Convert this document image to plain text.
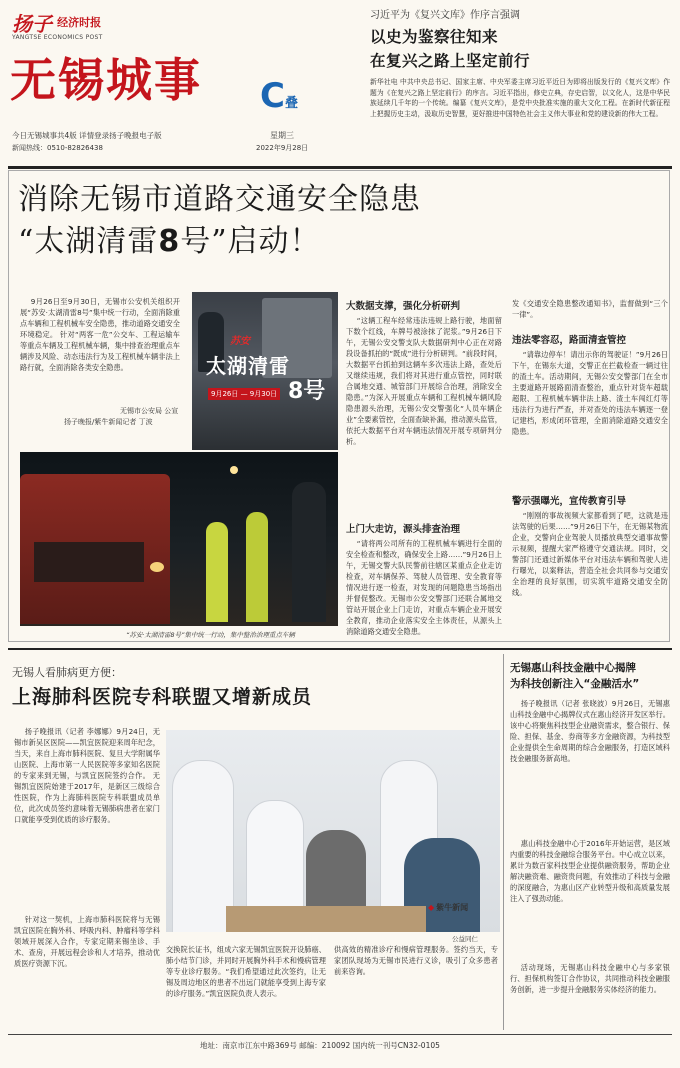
扬子 $^{经济时报}$
YANGTSE ECONOMICS POST
无锡城事 C叠
今日无锡城事共4版 详情登录扬子晚报电子版
新闻热线：0510-82826438
星期三
2022年9月28日
习近平为《复兴文库》作序言强调
以史为鉴察往知来
在复兴之路上坚定前行
新华社电 中共中央总书记、国家主席、中央军委主席习近平近日为即将出版发行的《复兴文库》作题为《在复兴之路上坚定前行》的序言。习近平指出，修史立典，存史启智，以文化人，这是中华民族延续几千年的一个传统。编纂《复兴文库》，是党中央批准实施的重大文化工程。在新时代新征程上把握历史主动，汲取历史智慧，更好推进中国特色社会主义伟大事业和党的建设新的伟大工程。
消除无锡市道路交通安全隐患
“太湖清雷8号”启动！
9月26日至9月30日，无锡市公安机关组织开展“苏安·太湖清雷8号”集中统一行动，全面消除重点车辆和工程机械车安全隐患，推动道路交通安全环境稳定。 针对“两客一危”公交车、工程运输车等重点车辆及工程机械车辆，集中排查治理重点车辆涉及风险、动态违法行为及工程机械车辆非法上路行就，全面消除各类安全隐患。
无锡市公安局 公宣
扬子晚报/紫牛新闻记者 丁波
苏安
太湖清雷
8号
9月26日 — 9月30日
“苏安·太湖清雷8号”集中统一行动，集中整治治理重点车辆
大数据支撑，强化分析研判
“这辆工程车经常违法违规上路行驶，地面留下数个红线，车牌号被涂抹了泥浆。”9月26日下午，无锡公安交警支队大数据研判中心正在对路段设备抓拍的“既成”进行分析研判。“前段时间，大数据平台抓拍到这辆车多次违法上路，查处后又继续违规，我们将对其进行重点管控，同时联合属地交通、城管部门开展综合治理，消除安全隐患。”为深入开展重点车辆和工程机械车辆风险隐患源头治理，无锡公安交警强化“人员车辆企业”全要素管控，全面查缺补漏，推动源头监管，依托大数据平台对车辆违法情况开展专项研判分析。
上门大走访，源头排查治理
“请将两公司所有的工程机械车辆进行全面的安全检查和整改，确保安全上路……”9月26日上午，无锡交警大队民警前往辖区某重点企业走访检查，对车辆保养、驾驶人员管理、安全教育等情况进行逐一检查，对发现的问题隐患当场指出并督促整改。无锡市公安交警部门还联合属地交管站开展企业上门走访，对重点车辆企业开展安全教育，推动企业落实安全主体责任，从源头上消除道路交通安全隐患。
发《交通安全隐患整改通知书》，监督做到“三个一律”。
违法零容忍，路面清查管控
“请靠边停车！请出示你的驾驶证！”9月26日下午，在锡东大道，交警正在拦截检查一辆过往的渣土车。活动期间，无锡公安交警部门在全市主要道路开展路面清查整治，重点针对货车超载超限、工程机械车辆非法上路、渣土车闯红灯等违法行为进行严查，并对查处的违法车辆逐一登记建档，形成闭环管理，全面消除道路交通安全隐患。
警示强曝光，宣传教育引导
“刚刚的事故视频大家都看到了吧，这就是违法驾驶的后果……”9月26日下午，在无锡某物流企业，交警向企业驾驶人员播放典型交通事故警示视频，提醒大家严格遵守交通法规。同时，交警部门还通过新媒体平台对违法车辆和驾驶人进行曝光，以案释法，营造全社会共同参与交通安全治理的良好氛围，切实筑牢道路交通安全防线。
无锡人看肺病更方便：
上海肺科医院专科联盟又增新成员
扬子晚报讯（记者 李娜娜）9月24日，无锡市新吴区医院——凯宜医院迎来周年纪念，当天，来自上海市肺科医院、复旦大学附属华山医院、上海市第一人民医院等多家知名医院的专家来到无锡，与凯宜医院签约合作。 无锡凯宜医院始建于2017年，是新区三级综合性医院，作为上海肺科医院专科联盟成员单位，此次成员签约意味着无锡肺病患者在家门口就能享受到优质的诊疗服务。
针对这一契机，上海市肺科医院将与无锡凯宜医院在胸外科、呼吸内科、肿瘤科等学科领域开展深入合作，专家定期来锡坐诊、手术、查房，开展远程会诊和人才培养，推动优质医疗资源下沉。
◆ 紫牛新闻
公益同仁
交换院长证书，组成六家无锡凯宜医院开设肺癌、肺小结节门诊，并同时开展胸外科手术和慢病管理等专业诊疗服务。“我们希望通过此次签约，让无锡及周边地区的患者不出远门就能享受到上海专家的诊疗服务。”凯宜医院负责人表示。
供高效的精准诊疗和慢病管理服务。签约当天，专家团队现场为无锡市民进行义诊，吸引了众多患者前来咨询。
无锡惠山科技金融中心揭牌
为科技创新注入“金融活水”
扬子晚报讯（记者 张晓波）9月26日，无锡惠山科技金融中心揭牌仪式在惠山经济开发区举行。该中心将聚焦科技型企业融资需求，整合银行、保险、担保、基金、券商等多方金融资源，为科技型企业提供全生命周期的综合金融服务，打造区域科技金融服务新高地。
惠山科技金融中心于2016年开始运营，是区域内重要的科技金融综合服务平台。中心成立以来，累计为数百家科技型企业提供融资服务，帮助企业解决融资难、融资贵问题，有效推动了科技与金融的深度融合，为惠山区产业转型升级和高质量发展注入了强劲动能。
活动现场，无锡惠山科技金融中心与多家银行、担保机构签订合作协议，共同推动科技金融服务创新，进一步提升金融服务实体经济的能力。
地址：南京市江东中路369号 邮编：210092 国内统一刊号CN32-0105
